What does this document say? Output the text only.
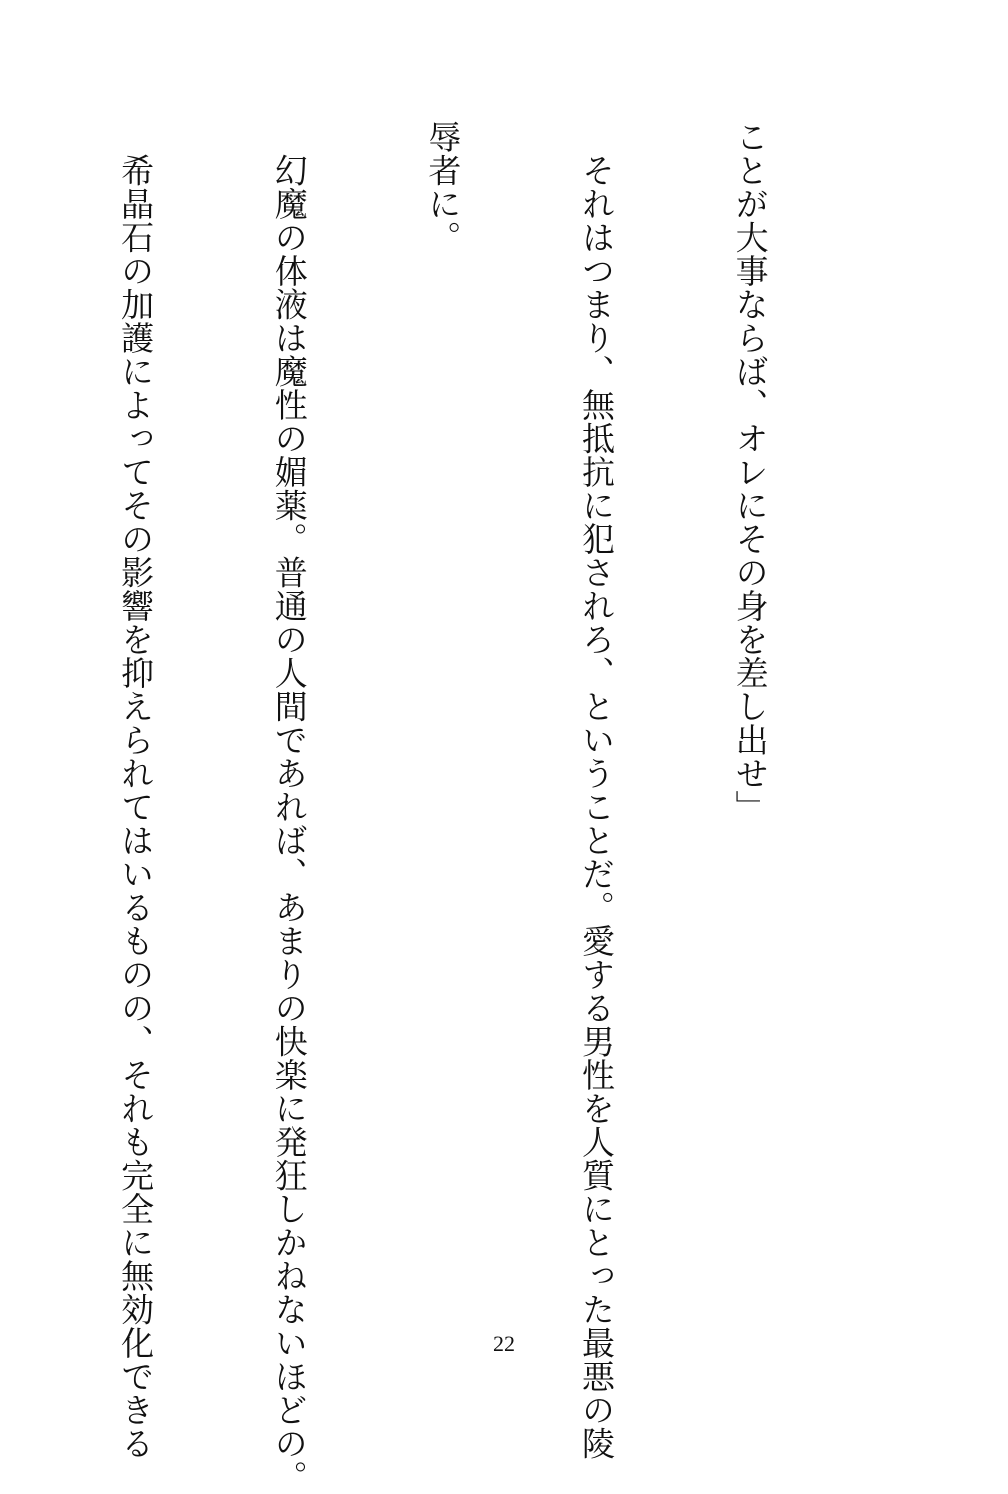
ことが大事ならば、オレにその身を差し出せ」

　それはつまり、無抵抗に犯されろ、ということだ。愛する男性を人質にとった最悪の陵

辱者に。

　幻魔の体液は魔性の媚薬。普通の人間であれば、あまりの快楽に発狂しかねないほどの。

　希晶石の加護によってその影響を抑えられてはいるものの、それも完全に無効化できる

	22
